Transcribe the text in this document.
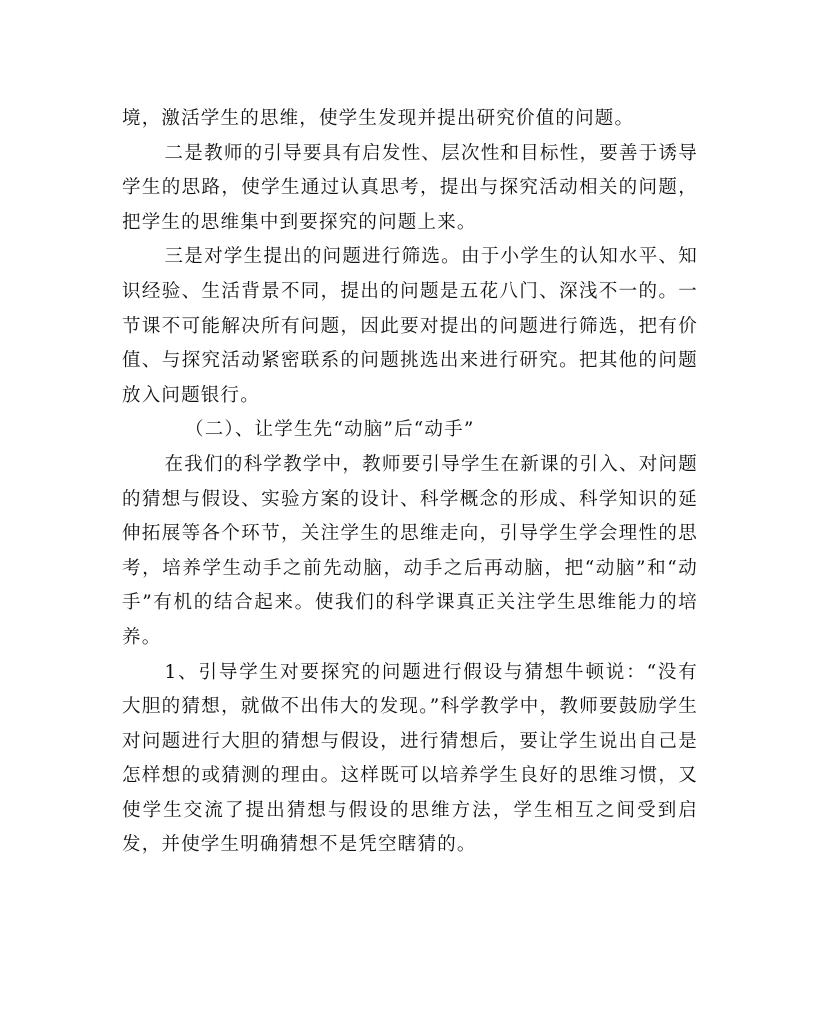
境，激活学生的思维，使学生发现并提出研究价值的问题。

二是教师的引导要具有启发性、层次性和目标性，要善于诱导学生的思路，使学生通过认真思考，提出与探究活动相关的问题，把学生的思维集中到要探究的问题上来。

三是对学生提出的问题进行筛选。由于小学生的认知水平、知识经验、生活背景不同，提出的问题是五花八门、深浅不一的。一节课不可能解决所有问题，因此要对提出的问题进行筛选，把有价值、与探究活动紧密联系的问题挑选出来进行研究。把其他的问题放入问题银行。

（二）、让学生先“动脑”后“动手”

在我们的科学教学中，教师要引导学生在新课的引入、对问题的猜想与假设、实验方案的设计、科学概念的形成、科学知识的延伸拓展等各个环节，关注学生的思维走向，引导学生学会理性的思考，培养学生动手之前先动脑，动手之后再动脑，把“动脑”和“动手”有机的结合起来。使我们的科学课真正关注学生思维能力的培养。

1、引导学生对要探究的问题进行假设与猜想牛顿说：“没有大胆的猜想，就做不出伟大的发现。”科学教学中，教师要鼓励学生对问题进行大胆的猜想与假设，进行猜想后，要让学生说出自己是怎样想的或猜测的理由。这样既可以培养学生良好的思维习惯，又使学生交流了提出猜想与假设的思维方法，学生相互之间受到启发，并使学生明确猜想不是凭空瞎猜的。
